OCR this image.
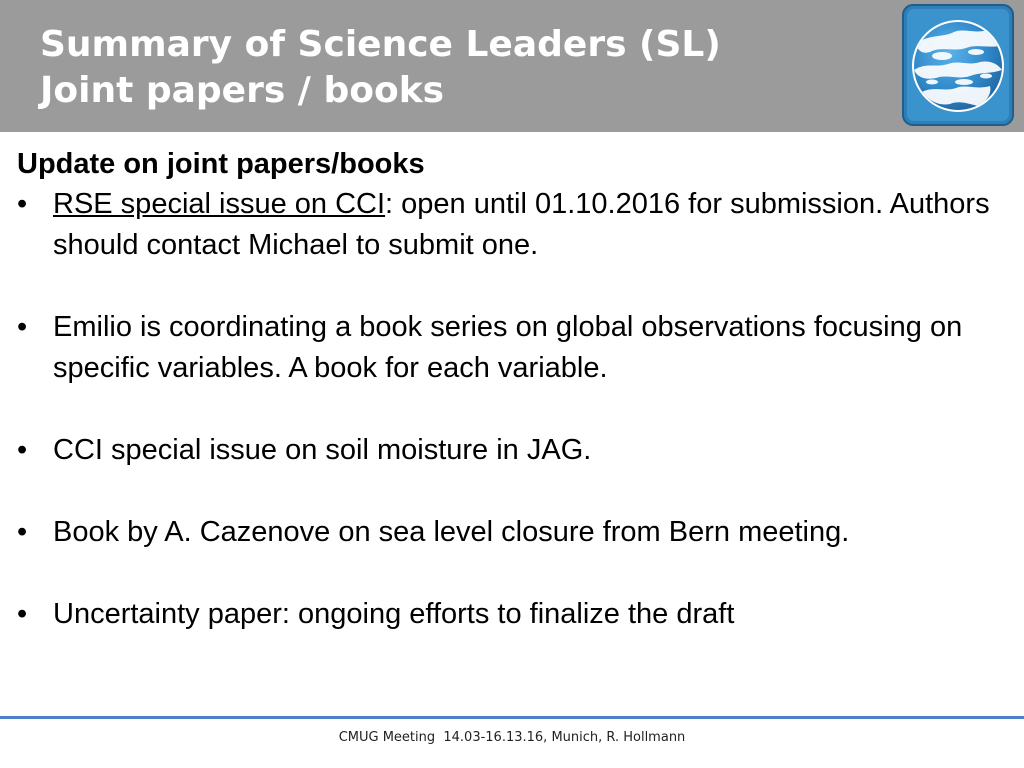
Summary of Science Leaders (SL)
Joint papers / books
Update on joint papers/books
• RSE special issue on CCI: open until 01.10.2016 for submission. Authors should contact Michael to submit one.
• Emilio is coordinating a book series on global observations focusing on specific variables. A book for each variable.
• CCI special issue on soil moisture in JAG.
• Book by A. Cazenove on sea level closure from Bern meeting.
• Uncertainty paper: ongoing efforts to finalize the draft
CMUG Meeting  14.03-16.13.16, Munich, R. Hollmann
